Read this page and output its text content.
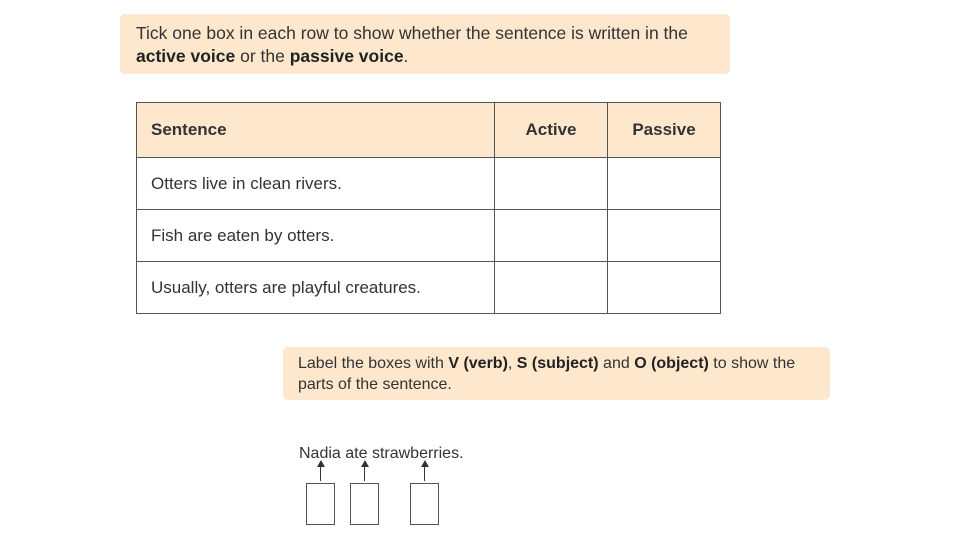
Tick one box in each row to show whether the sentence is written in the active voice or the passive voice.
Sentence	Active	Passive
Otters live in clean rivers.		
Fish are eaten by otters.		
Usually, otters are playful creatures.		
Label the boxes with V (verb), S (subject) and O (object) to show the parts of the sentence.
Nadia ate strawberries.
